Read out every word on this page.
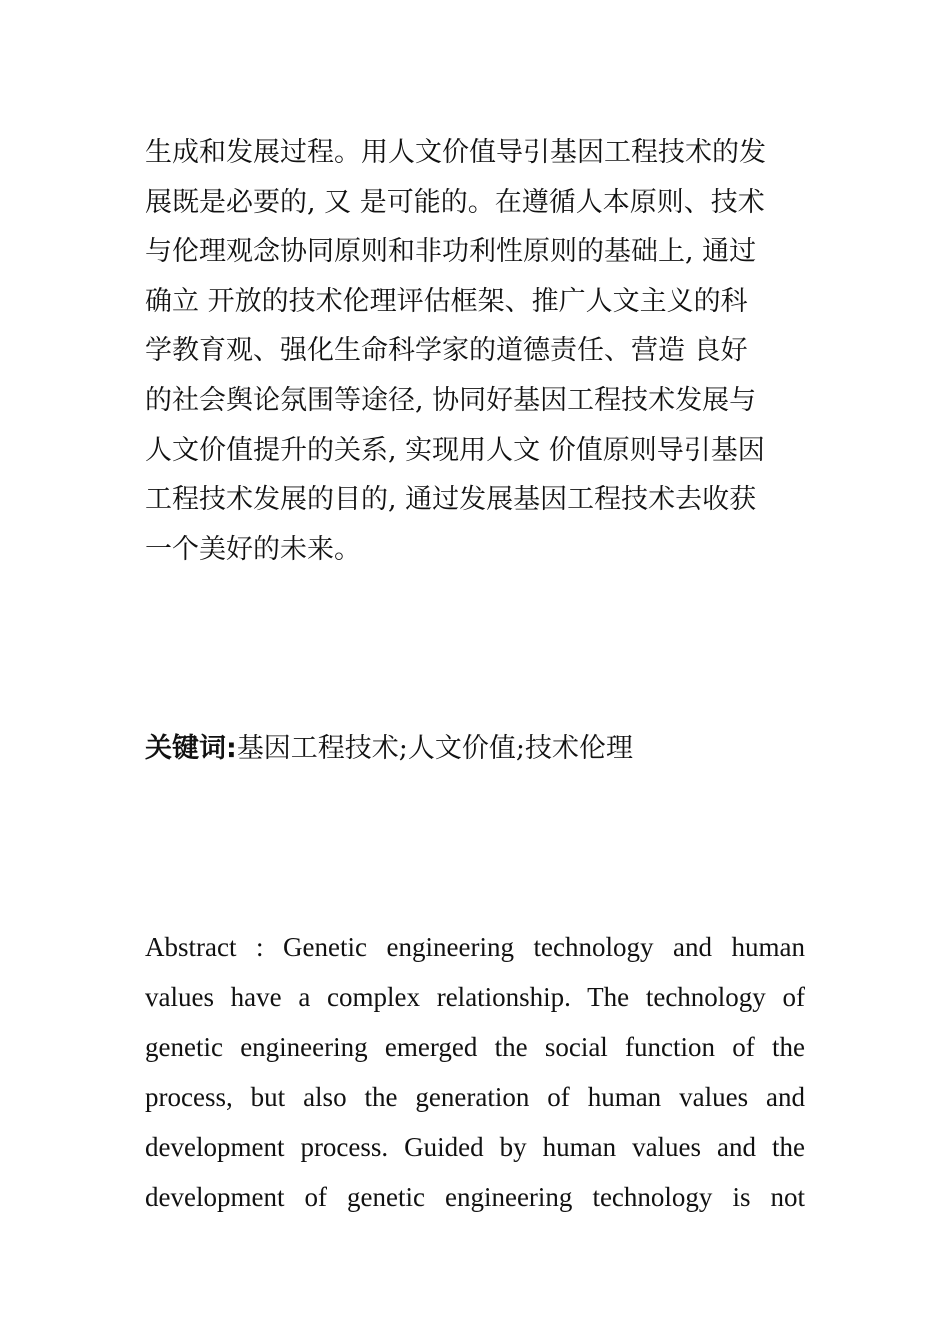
生成和发展过程。用人文价值导引基因工程技术的发
展既是必要的, 又 是可能的。在遵循人本原则、技术
与伦理观念协同原则和非功利性原则的基础上, 通过
确立 开放的技术伦理评估框架、推广人文主义的科
学教育观、强化生命科学家的道德责任、营造 良好
的社会舆论氛围等途径, 协同好基因工程技术发展与
人文价值提升的关系, 实现用人文 价值原则导引基因
工程技术发展的目的, 通过发展基因工程技术去收获
一个美好的未来。
关键词:基因工程技术;人文价值;技术伦理
Abstract : Genetic engineering technology and human
values have a complex relationship. The technology of
genetic engineering emerged the social function of the
process, but also the generation of human values and
development process. Guided by human values and the
development of genetic engineering technology is not
